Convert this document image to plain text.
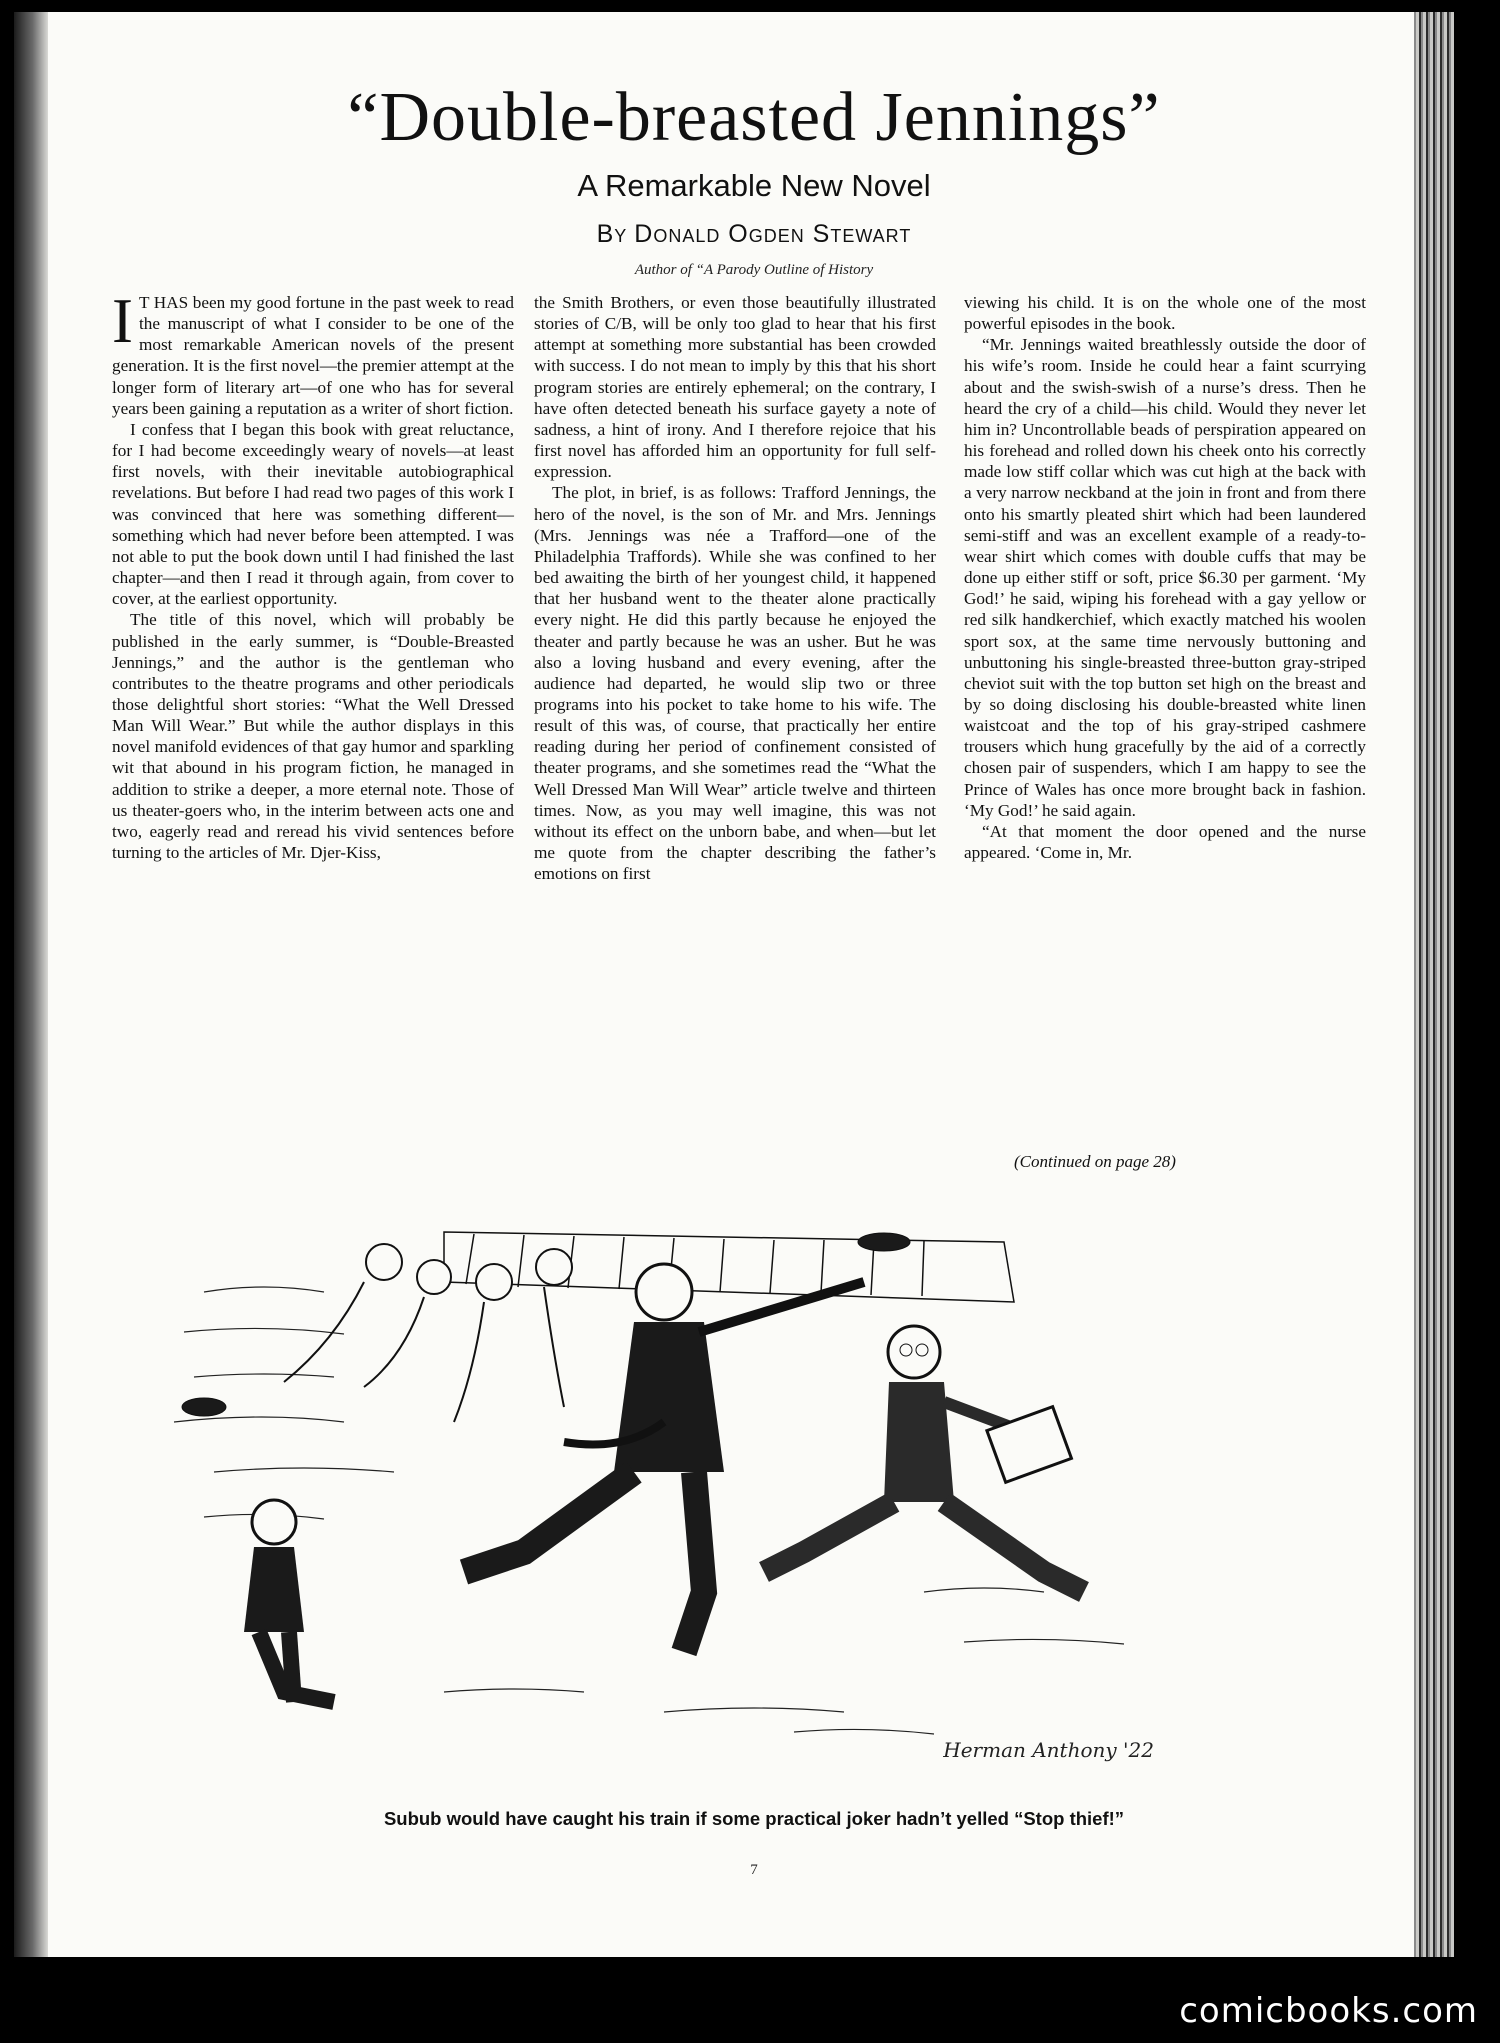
“Double-breasted Jennings”
A Remarkable New Novel
By Donald Ogden Stewart
Author of “A Parody Outline of History

I T HAS been my good fortune in the past week to read the manuscript of what I consider to be one of the most remarkable American novels of the present generation. It is the first novel—the premier attempt at the longer form of literary art—of one who has for several years been gaining a reputation as a writer of short fiction.

I confess that I began this book with great reluctance, for I had become exceedingly weary of novels—at least first novels, with their inevitable autobiographical revelations. But before I had read two pages of this work I was convinced that here was something different—something which had never before been attempted. I was not able to put the book down until I had finished the last chapter—and then I read it through again, from cover to cover, at the earliest opportunity.

The title of this novel, which will probably be published in the early summer, is “Double-Breasted Jennings,” and the author is the gentleman who contributes to the theatre programs and other periodicals those delightful short stories: “What the Well Dressed Man Will Wear.” But while the author displays in this novel manifold evidences of that gay humor and sparkling wit that abound in his program fiction, he managed in addition to strike a deeper, a more eternal note. Those of us theater-goers who, in the interim between acts one and two, eagerly read and reread his vivid sentences before turning to the articles of Mr. Djer-Kiss,

the Smith Brothers, or even those beautifully illustrated stories of C/B, will be only too glad to hear that his first attempt at something more substantial has been crowded with success. I do not mean to imply by this that his short program stories are entirely ephemeral; on the contrary, I have often detected beneath his surface gayety a note of sadness, a hint of irony. And I therefore rejoice that his first novel has afforded him an opportunity for full self-expression.

The plot, in brief, is as follows: Trafford Jennings, the hero of the novel, is the son of Mr. and Mrs. Jennings (Mrs. Jennings was née a Trafford—one of the Philadelphia Traffords). While she was confined to her bed awaiting the birth of her youngest child, it happened that her husband went to the theater alone practically every night. He did this partly because he enjoyed the theater and partly because he was an usher. But he was also a loving husband and every evening, after the audience had departed, he would slip two or three programs into his pocket to take home to his wife. The result of this was, of course, that practically her entire reading during her period of confinement consisted of theater programs, and she sometimes read the “What the Well Dressed Man Will Wear” article twelve and thirteen times. Now, as you may well imagine, this was not without its effect on the unborn babe, and when—but let me quote from the chapter describing the father’s emotions on first

viewing his child. It is on the whole one of the most powerful episodes in the book.

“Mr. Jennings waited breathlessly outside the door of his wife’s room. Inside he could hear a faint scurrying about and the swish-swish of a nurse’s dress. Then he heard the cry of a child—his child. Would they never let him in? Uncontrollable beads of perspiration appeared on his forehead and rolled down his cheek onto his correctly made low stiff collar which was cut high at the back with a very narrow neckband at the join in front and from there onto his smartly pleated shirt which had been laundered semi-stiff and was an excellent example of a ready-to-wear shirt which comes with double cuffs that may be done up either stiff or soft, price $6.30 per garment. ‘My God!’ he said, wiping his forehead with a gay yellow or red silk handkerchief, which exactly matched his woolen sport sox, at the same time nervously buttoning and unbuttoning his single-breasted three-button gray-striped cheviot suit with the top button set high on the breast and by so doing disclosing his double-breasted white linen waistcoat and the top of his gray-striped cashmere trousers which hung gracefully by the aid of a correctly chosen pair of suspenders, which I am happy to see the Prince of Wales has once more brought back in fashion. ‘My God!’ he said again.

“At that moment the door opened and the nurse appeared. ‘Come in, Mr.

(Continued on page 28)
Herman Anthony '22
Subub would have caught his train if some practical joker hadn’t yelled “Stop thief!”
7
comicbooks.com
